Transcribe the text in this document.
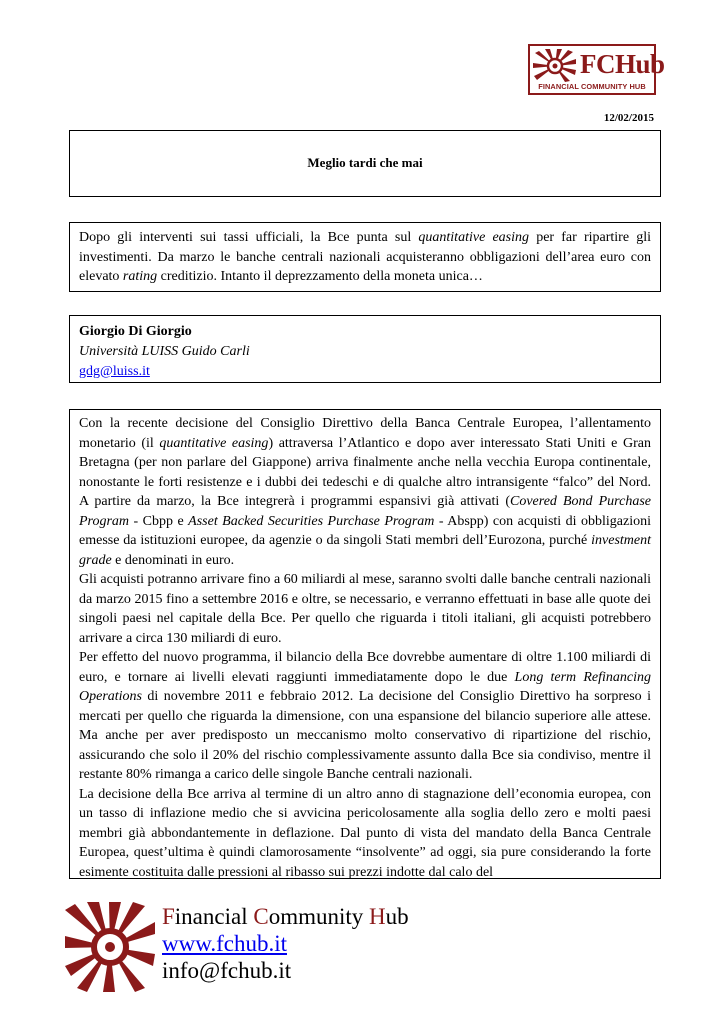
FCHub
FINANCIAL COMMUNITY HUB
12/02/2015
Meglio tardi che mai
Dopo gli interventi sui tassi ufficiali, la Bce punta sul quantitative easing per far ripartire gli investimenti. Da marzo le banche centrali nazionali acquisteranno obbligazioni dell’area euro con elevato rating creditizio. Intanto il deprezzamento della moneta unica…
Giorgio Di Giorgio
Università LUISS Guido Carli
gdg@luiss.it

Con la recente decisione del Consiglio Direttivo della Banca Centrale Europea, l’allentamento monetario (il quantitative easing) attraversa l’Atlantico e dopo aver interessato Stati Uniti e Gran Bretagna (per non parlare del Giappone) arriva finalmente anche nella vecchia Europa continentale, nonostante le forti resistenze e i dubbi dei tedeschi e di qualche altro intransigente “falco” del Nord. A partire da marzo, la Bce integrerà i programmi espansivi già attivati (Covered Bond Purchase Program - Cbpp e Asset Backed Securities Purchase Program - Abspp) con acquisti di obbligazioni emesse da istituzioni europee, da agenzie o da singoli Stati membri dell’Eurozona, purché investment grade e denominati in euro.

Gli acquisti potranno arrivare fino a 60 miliardi al mese, saranno svolti dalle banche centrali nazionali da marzo 2015 fino a settembre 2016 e oltre, se necessario, e verranno effettuati in base alle quote dei singoli paesi nel capitale della Bce. Per quello che riguarda i titoli italiani, gli acquisti potrebbero arrivare a circa 130 miliardi di euro.

Per effetto del nuovo programma, il bilancio della Bce dovrebbe aumentare di oltre 1.100 miliardi di euro, e tornare ai livelli elevati raggiunti immediatamente dopo le due Long term Refinancing Operations di novembre 2011 e febbraio 2012. La decisione del Consiglio Direttivo ha sorpreso i mercati per quello che riguarda la dimensione, con una espansione del bilancio superiore alle attese. Ma anche per aver predisposto un meccanismo molto conservativo di ripartizione del rischio, assicurando che solo il 20% del rischio complessivamente assunto dalla Bce sia condiviso, mentre il restante 80% rimanga a carico delle singole Banche centrali nazionali.

La decisione della Bce arriva al termine di un altro anno di stagnazione dell’economia europea, con un tasso di inflazione medio che si avvicina pericolosamente alla soglia dello zero e molti paesi membri già abbondantemente in deflazione. Dal punto di vista del mandato della Banca Centrale Europea, quest’ultima è quindi clamorosamente “insolvente” ad oggi, sia pure considerando la forte esimente costituita dalle pressioni al ribasso sui prezzi indotte dal calo del

Financial Community Hub
www.fchub.it
info@fchub.it
